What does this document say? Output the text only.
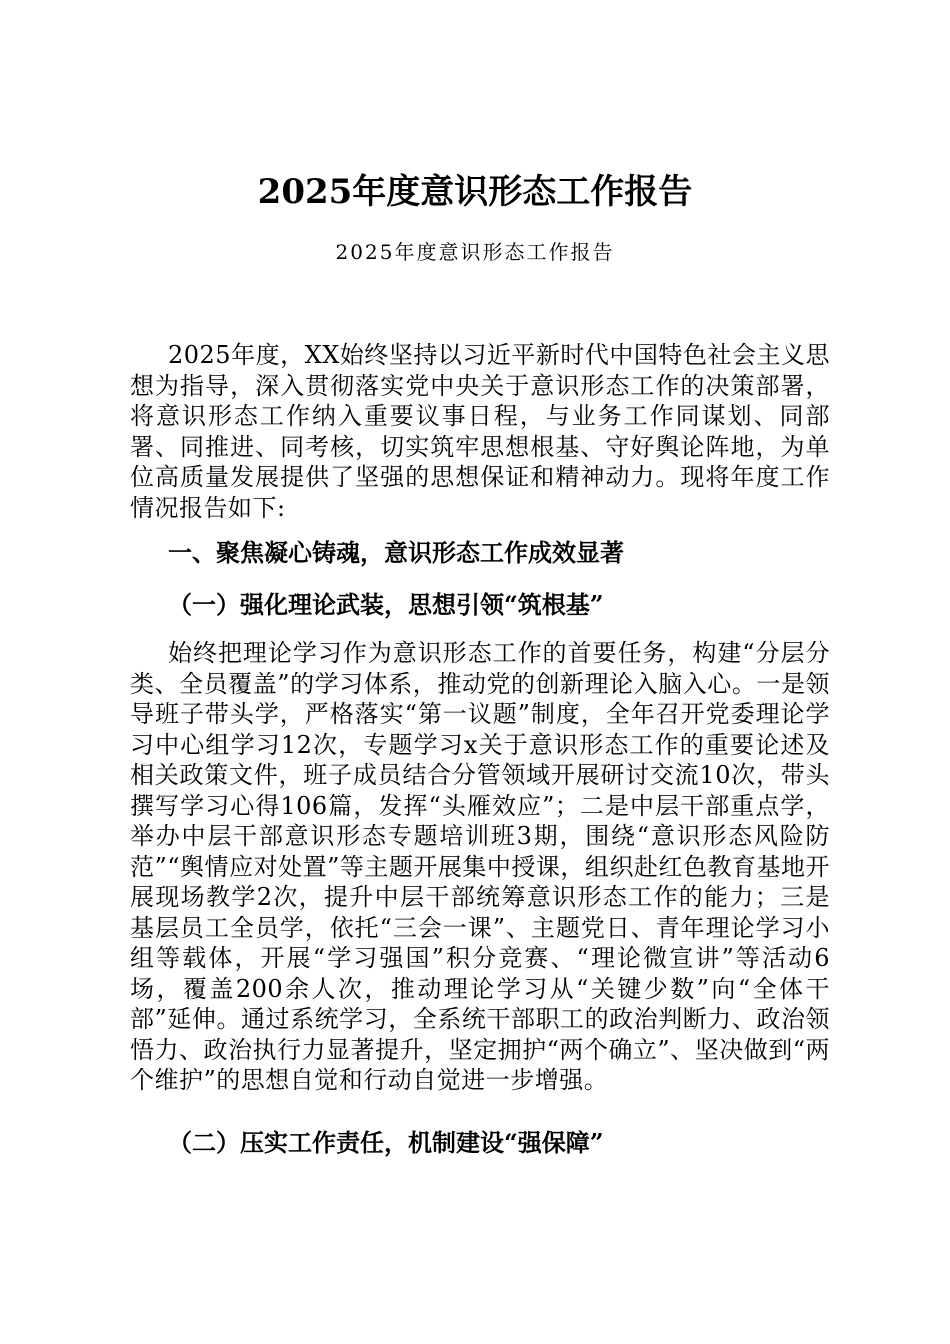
2025年度意识形态工作报告

2025年度意识形态工作报告

2025年度，XX始终坚持以习近平新时代中国特色社会主义思想为指导，深入贯彻落实党中央关于意识形态工作的决策部署，将意识形态工作纳入重要议事日程，与业务工作同谋划、同部署、同推进、同考核，切实筑牢思想根基、守好舆论阵地，为单位高质量发展提供了坚强的思想保证和精神动力。现将年度工作情况报告如下:

一、聚焦凝心铸魂，意识形态工作成效显著

（一）强化理论武装，思想引领“筑根基”

始终把理论学习作为意识形态工作的首要任务，构建“分层分类、全员覆盖”的学习体系，推动党的创新理论入脑入心。一是领导班子带头学，严格落实“第一议题”制度，全年召开党委理论学习中心组学习12次，专题学习x关于意识形态工作的重要论述及相关政策文件，班子成员结合分管领域开展研讨交流10次，带头撰写学习心得106篇，发挥“头雁效应”；二是中层干部重点学，举办中层干部意识形态专题培训班3期，围绕“意识形态风险防范”“舆情应对处置”等主题开展集中授课，组织赴红色教育基地开展现场教学2次，提升中层干部统筹意识形态工作的能力；三是基层员工全员学，依托“三会一课”、主题党日、青年理论学习小组等载体，开展“学习强国”积分竞赛、“理论微宣讲”等活动6场，覆盖200余人次，推动理论学习从“关键少数”向“全体干部”延伸。通过系统学习，全系统干部职工的政治判断力、政治领悟力、政治执行力显著提升，坚定拥护“两个确立”、坚决做到“两个维护”的思想自觉和行动自觉进一步增强。

（二）压实工作责任，机制建设“强保障”
